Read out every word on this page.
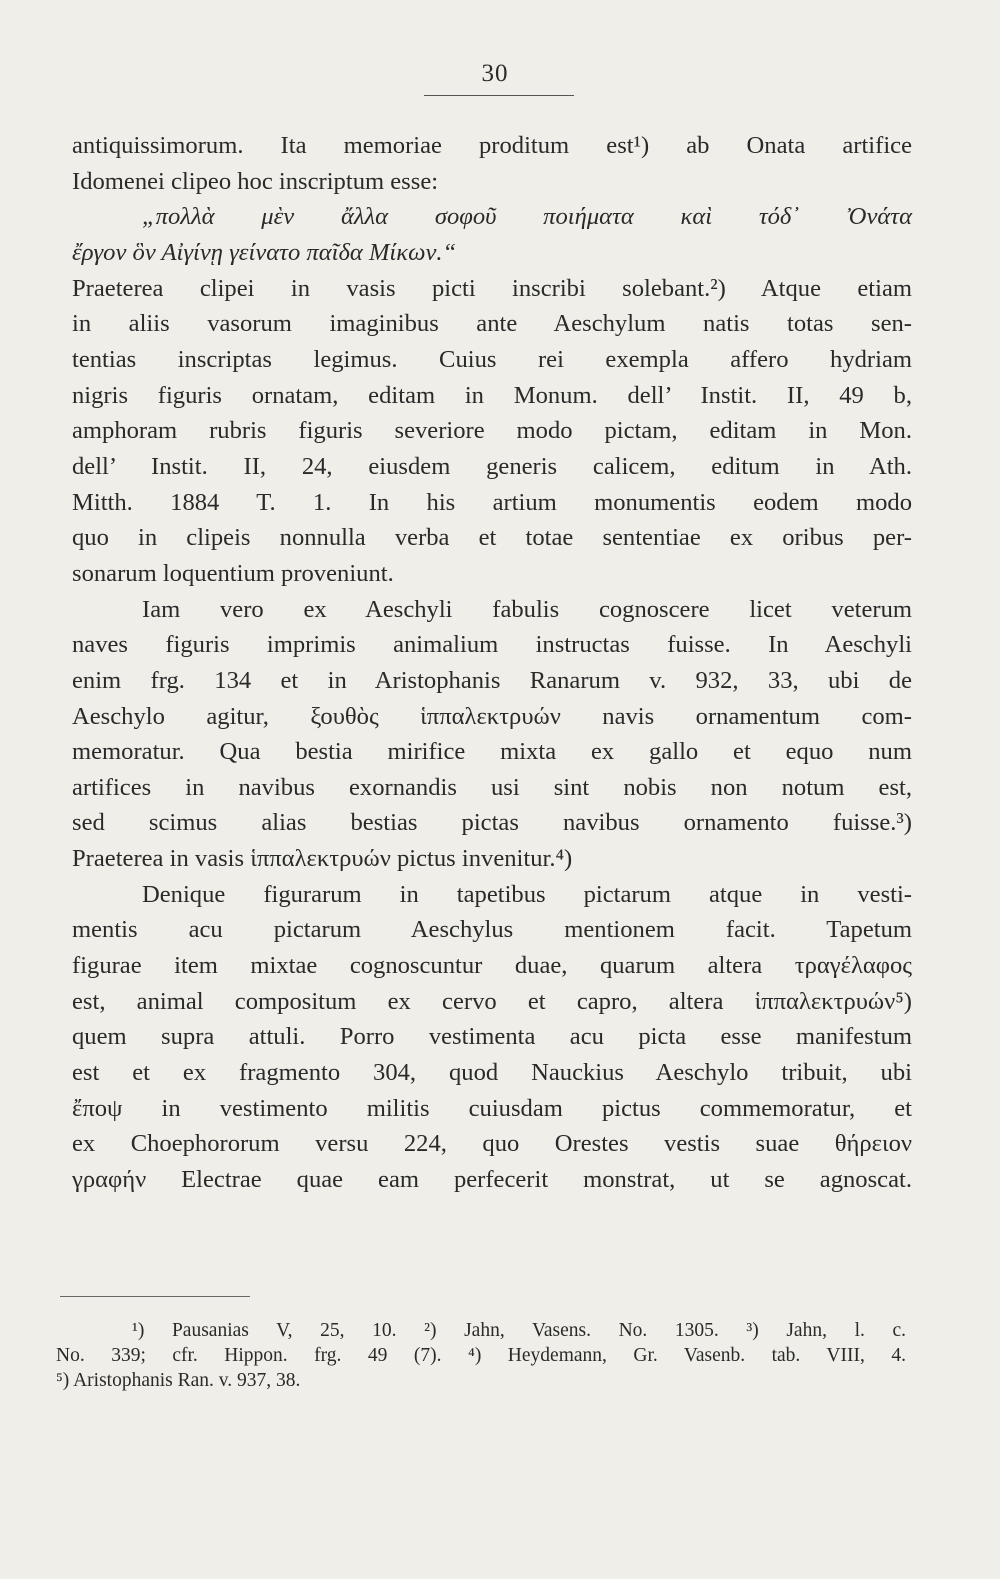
30
antiquissimorum. Ita memoriae proditum est¹) ab Onata artifice
Idomenei clipeo hoc inscriptum esse:
„πολλὰ μὲν ἄλλα σοφοῦ ποιήματα καὶ τόδ᾿ Ὀνάτα
ἔργον ὃν Αἰγίνῃ γείνατο παῖδα Μίκων.“
Praeterea clipei in vasis picti inscribi solebant.²) Atque etiam
in aliis vasorum imaginibus ante Aeschylum natis totas sen-
tentias inscriptas legimus. Cuius rei exempla affero hydriam
nigris figuris ornatam, editam in Monum. dell’ Instit. II, 49 b,
amphoram rubris figuris severiore modo pictam, editam in Mon.
dell’ Instit. II, 24, eiusdem generis calicem, editum in Ath.
Mitth. 1884 T. 1. In his artium monumentis eodem modo
quo in clipeis nonnulla verba et totae sententiae ex oribus per-
sonarum loquentium proveniunt.
Iam vero ex Aeschyli fabulis cognoscere licet veterum
naves figuris imprimis animalium instructas fuisse. In Aeschyli
enim frg. 134 et in Aristophanis Ranarum v. 932, 33, ubi de
Aeschylo agitur, ξουθὸς ἱππαλεκτρυών navis ornamentum com-
memoratur. Qua bestia mirifice mixta ex gallo et equo num
artifices in navibus exornandis usi sint nobis non notum est,
sed scimus alias bestias pictas navibus ornamento fuisse.³)
Praeterea in vasis ἱππαλεκτρυών pictus invenitur.⁴)
Denique figurarum in tapetibus pictarum atque in vesti-
mentis acu pictarum Aeschylus mentionem facit. Tapetum
figurae item mixtae cognoscuntur duae, quarum altera τραγέλαφος
est, animal compositum ex cervo et capro, altera ἱππαλεκτρυών⁵)
quem supra attuli. Porro vestimenta acu picta esse manifestum
est et ex fragmento 304, quod Nauckius Aeschylo tribuit, ubi
ἔποψ in vestimento militis cuiusdam pictus commemoratur, et
ex Choephororum versu 224, quo Orestes vestis suae θήρειον
γραφήν Electrae quae eam perfecerit monstrat, ut se agnoscat.
¹) Pausanias V, 25, 10. ²) Jahn, Vasens. No. 1305. ³) Jahn, l. c.
No. 339; cfr. Hippon. frg. 49 (7). ⁴) Heydemann, Gr. Vasenb. tab. VIII, 4.
⁵) Aristophanis Ran. v. 937, 38.
